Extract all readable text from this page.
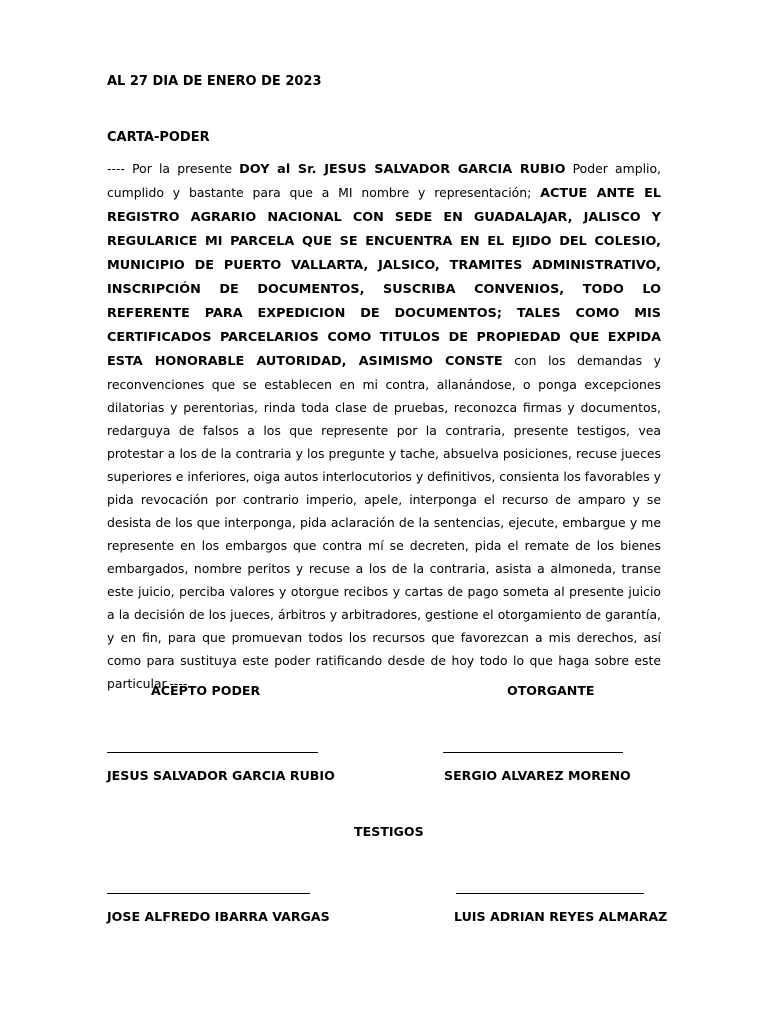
AL 27 DIA DE ENERO DE 2023
CARTA-PODER

---- Por la presente DOY al Sr. JESUS SALVADOR GARCIA RUBIO Poder amplio, cumplido y bastante para que a MI nombre y representación; ACTUE ANTE EL REGISTRO AGRARIO NACIONAL CON SEDE EN GUADALAJAR, JALISCO Y REGULARICE MI PARCELA QUE SE ENCUENTRA EN EL EJIDO DEL COLESIO, MUNICIPIO DE PUERTO VALLARTA, JALSICO, TRAMITES ADMINISTRATIVO, INSCRIPCIÓN DE DOCUMENTOS, SUSCRIBA CONVENIOS, TODO LO REFERENTE PARA EXPEDICION DE DOCUMENTOS; TALES COMO MIS CERTIFICADOS PARCELARIOS COMO TITULOS DE PROPIEDAD QUE EXPIDA ESTA HONORABLE AUTORIDAD, ASIMISMO CONSTE con los demandas y reconvenciones que se establecen en mi contra, allanándose, o ponga excepciones dilatorias y perentorias, rinda toda clase de pruebas, reconozca firmas y documentos, redarguya de falsos a los que represente por la contraria, presente testigos, vea protestar a los de la contraria y los pregunte y tache, absuelva posiciones, recuse jueces superiores e inferiores, oiga autos interlocutorios y definitivos, consienta los favorables y pida revocación por contrario imperio, apele, interponga el recurso de amparo y se desista de los que interponga, pida aclaración de la sentencias, ejecute, embargue y me represente en los embargos que contra mí se decreten, pida el remate de los bienes embargados, nombre peritos y recuse a los de la contraria, asista a almoneda, transe este juicio, perciba valores y otorgue recibos y cartas de pago someta al presente juicio a la decisión de los jueces, árbitros y arbitradores, gestione el otorgamiento de garantía, y en fin, para que promuevan todos los recursos que favorezcan a mis derechos, así como para sustituya este poder ratificando desde de hoy todo lo que haga sobre este particular.----

ACEPTO PODER	OTORGANTE
JESUS SALVADOR GARCIA RUBIO	SERGIO ALVAREZ MORENO
TESTIGOS
JOSE ALFREDO IBARRA VARGAS	LUIS ADRIAN REYES ALMARAZ
